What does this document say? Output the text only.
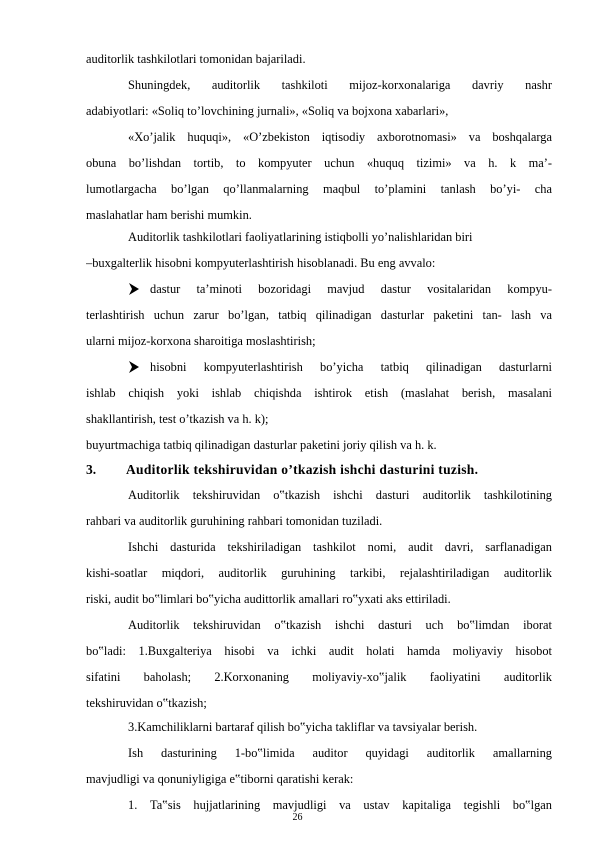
auditorlik tashkilotlari tomonidan bajariladi.
Shuningdek, auditorlik tashkiloti mijoz-korxonalariga davriy nashr
adabiyotlari: «Soliq to’lovchining jurnali», «Soliq va bojxona xabarlari»,
«Xo’jalik huquqi», «O’zbekiston iqtisodiy axborotnomasi» va boshqalarga
obuna bo’lishdan tortib, to kompyuter uchun «huquq tizimi» va h. k ma’-
lumotlargacha bo’lgan qo’llanmalarning maqbul to’plamini tanlash bo’yi- cha
maslahatlar ham berishi mumkin.
Auditorlik tashkilotlari faoliyatlarining istiqbolli yo’nalishlaridan biri
–buxgalterlik hisobni kompyuterlashtirish hisoblanadi. Bu eng avvalo:
dastur ta’minoti bozoridagi mavjud dastur vositalaridan kompyu-
terlashtirish uchun zarur bo’lgan, tatbiq qilinadigan dasturlar paketini tan- lash va
ularni mijoz-korxona sharoitiga moslashtirish;
hisobni kompyuterlashtirish bo’yicha tatbiq qilinadigan dasturlarni
ishlab chiqish yoki ishlab chiqishda ishtirok etish (maslahat berish, masalani
shakllantirish, test o’tkazish va h. k);
buyurtmachiga tatbiq qilinadigan dasturlar paketini joriy qilish va h. k.
3. Auditorlik tekshiruvidan o’tkazish ishchi dasturini tuzish.
Auditorlik tekshiruvidan o‟tkazish ishchi dasturi auditorlik tashkilotining
rahbari va auditorlik guruhining rahbari tomonidan tuziladi.
Ishchi dasturida tekshiriladigan tashkilot nomi, audit davri, sarflanadigan
kishi-soatlar miqdori, auditorlik guruhining tarkibi, rejalashtiriladigan auditorlik
riski, audit bo‟limlari bo‟yicha audittorlik amallari ro‟yxati aks ettiriladi.
Auditorlik tekshiruvidan o‟tkazish ishchi dasturi uch bo‟limdan iborat
bo‟ladi: 1.Buxgalteriya hisobi va ichki audit holati hamda moliyaviy hisobot
sifatini baholash; 2.Korxonaning moliyaviy-xo‟jalik faoliyatini auditorlik
tekshiruvidan o‟tkazish;
3.Kamchiliklarni bartaraf qilish bo‟yicha takliflar va tavsiyalar berish.
Ish dasturining 1-bo‟limida auditor quyidagi auditorlik amallarning
mavjudligi va qonuniyligiga e‟tiborni qaratishi kerak:
1. Ta‟sis hujjatlarining mavjudligi va ustav kapitaliga tegishli bo‟lgan
26
